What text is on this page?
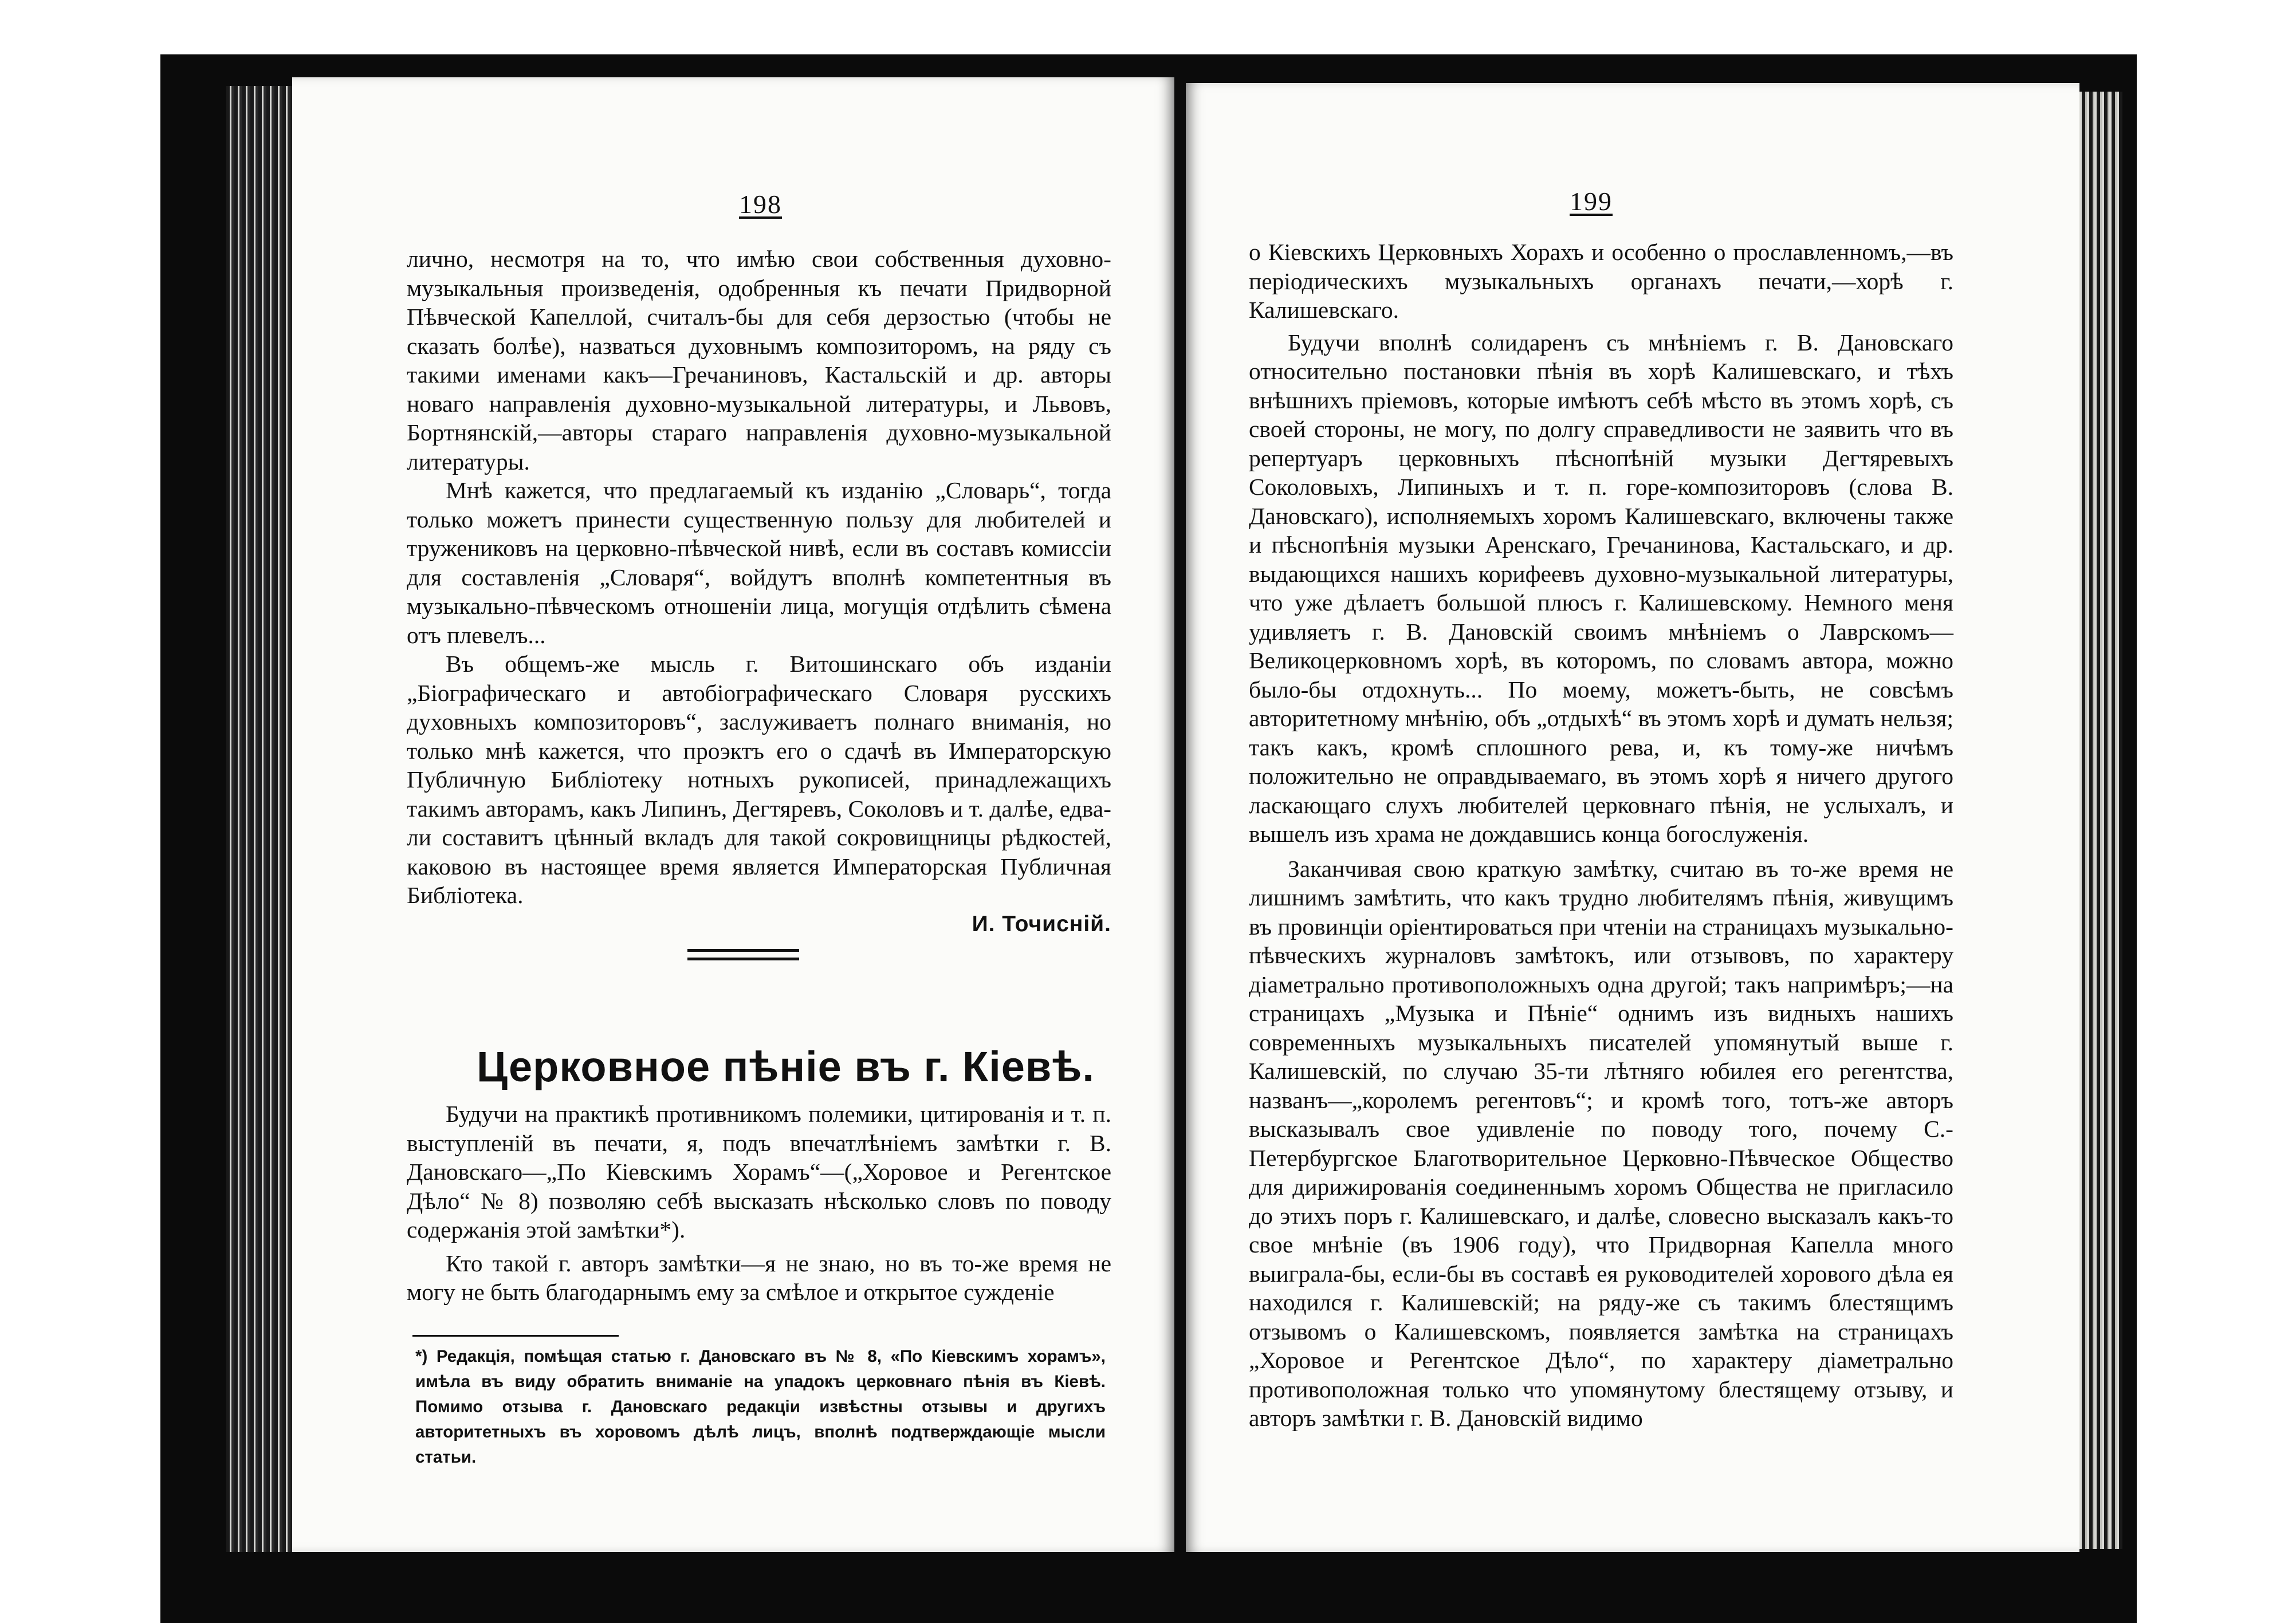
198

лично, несмотря на то, что имѣю свои собственныя духовно-музыкальныя произведенія, одобренныя къ печати Придворной Пѣвческой Капеллой, считалъ-бы для себя дерзостью (чтобы не сказать болѣе), назваться духовнымъ композиторомъ, на ряду съ такими именами какъ—Гречаниновъ, Кастальскій и др. авторы новаго направленія духовно-музыкальной литературы, и Львовъ, Бортнянскій,—авторы стараго направленія духовно-музыкальной литературы.

Мнѣ кажется, что предлагаемый къ изданію „Словарь“, тогда только можетъ принести существенную пользу для любителей и тружениковъ на церковно-пѣвческой нивѣ, если въ составъ комиссіи для составленія „Словаря“, войдутъ вполнѣ компетентныя въ музыкально-пѣвческомъ отношеніи лица, могущія отдѣлить сѣмена отъ плевелъ...

Въ общемъ-же мысль г. Витошинскаго объ изданіи „Біографическаго и автобіографическаго Словаря русскихъ духовныхъ композиторовъ“, заслуживаетъ полнаго вниманія, но только мнѣ кажется, что проэктъ его о сдачѣ въ Императорскую Публичную Библіотеку нотныхъ рукописей, принадлежащихъ такимъ авторамъ, какъ Липинъ, Дегтяревъ, Соколовъ и т. далѣе, едва-ли составитъ цѣнный вкладъ для такой сокровищницы рѣдкостей, каковою въ настоящее время является Императорская Публичная Библіотека.

И. Точисній.
Церковное пѣніе въ г. Кіевѣ.

Будучи на практикѣ противникомъ полемики, цитированія и т. п. выступленій въ печати, я, подъ впечатлѣніемъ замѣтки г. В. Дановскаго—„По Кіевскимъ Хорамъ“—(„Хоровое и Регентское Дѣло“ № 8) позволяю себѣ высказать нѣсколько словъ по поводу содержанія этой замѣтки*).

Кто такой г. авторъ замѣтки—я не знаю, но въ то-же время не могу не быть благодарнымъ ему за смѣлое и открытое сужденіе

*) Редакція, помѣщая статью г. Дановскаго въ № 8, «По Кіевскимъ хорамъ», имѣла въ виду обратить вниманіе на упадокъ церковнаго пѣнія въ Кіевѣ. Помимо отзыва г. Дановскаго редакціи извѣстны отзывы и другихъ авторитетныхъ въ хоровомъ дѣлѣ лицъ, вполнѣ подтверждающіе мысли статьи.
199

о Кіевскихъ Церковныхъ Хорахъ и особенно о прославленномъ,—въ періодическихъ музыкальныхъ органахъ печати,—хорѣ г. Калишевскаго.

Будучи вполнѣ солидаренъ съ мнѣніемъ г. В. Дановскаго относительно постановки пѣнія въ хорѣ Калишевскаго, и тѣхъ внѣшнихъ пріемовъ, которые имѣютъ себѣ мѣсто въ этомъ хорѣ, съ своей стороны, не могу, по долгу справедливости не заявить что въ репертуаръ церковныхъ пѣснопѣній музыки Дегтяревыхъ Соколовыхъ, Липиныхъ и т. п. горе-композиторовъ (слова В. Дановскаго), исполняемыхъ хоромъ Калишевскаго, включены также и пѣснопѣнія музыки Аренскаго, Гречанинова, Кастальскаго, и др. выдающихся нашихъ корифеевъ духовно-музыкальной литературы, что уже дѣлаетъ большой плюсъ г. Калишевскому. Немного меня удивляетъ г. В. Дановскій своимъ мнѣніемъ о Лаврскомъ—Великоцерковномъ хорѣ, въ которомъ, по словамъ автора, можно было-бы отдохнуть... По моему, можетъ-быть, не совсѣмъ авторитетному мнѣнію, объ „отдыхѣ“ въ этомъ хорѣ и думать нельзя; такъ какъ, кромѣ сплошного рева, и, къ тому-же ничѣмъ положительно не оправдываемаго, въ этомъ хорѣ я ничего другого ласкающаго слухъ любителей церковнаго пѣнія, не услыхалъ, и вышелъ изъ храма не дождавшись конца богослуженія.

Заканчивая свою краткую замѣтку, считаю въ то-же время не лишнимъ замѣтить, что какъ трудно любителямъ пѣнія, живущимъ въ провинціи оріентироваться при чтеніи на страницахъ музыкально-пѣвческихъ журналовъ замѣтокъ, или отзывовъ, по характеру діаметрально противоположныхъ одна другой; такъ напримѣръ;—на страницахъ „Музыка и Пѣніе“ однимъ изъ видныхъ нашихъ современныхъ музыкальныхъ писателей упомянутый выше г. Калишевскій, по случаю 35-ти лѣтняго юбилея его регентства, названъ—„королемъ регентовъ“; и кромѣ того, тотъ-же авторъ высказывалъ свое удивленіе по поводу того, почему С.-Петербургское Благотворительное Церковно-Пѣвческое Общество для дирижированія соединеннымъ хоромъ Общества не пригласило до этихъ поръ г. Калишевскаго, и далѣе, словесно высказалъ какъ-то свое мнѣніе (въ 1906 году), что Придворная Капелла много выиграла-бы, если-бы въ составѣ ея руководителей хорового дѣла ея находился г. Калишевскій; на ряду-же съ такимъ блестящимъ отзывомъ о Калишевскомъ, появляется замѣтка на страницахъ „Хоровое и Регентское Дѣло“, по характеру діаметрально противоположная только что упомянутому блестящему отзыву, и авторъ замѣтки г. В. Дановскій видимо
